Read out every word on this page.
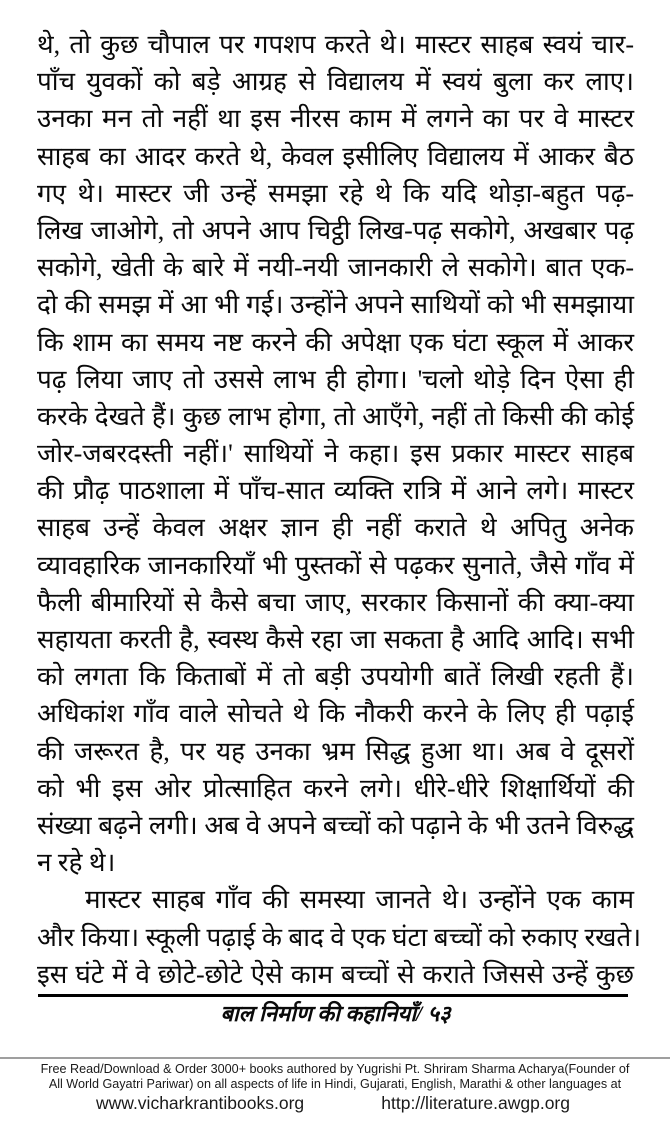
थे, तो कुछ चौपाल पर गपशप करते थे। मास्टर साहब स्वयं चार-
पाँच युवकों को बड़े आग्रह से विद्यालय में स्वयं बुला कर लाए।
उनका मन तो नहीं था इस नीरस काम में लगने का पर वे मास्टर
साहब का आदर करते थे, केवल इसीलिए विद्यालय में आकर बैठ
गए थे। मास्टर जी उन्हें समझा रहे थे कि यदि थोड़ा-बहुत पढ़-
लिख जाओगे, तो अपने आप चिट्ठी लिख-पढ़ सकोगे, अखबार पढ़
सकोगे, खेती के बारे में नयी-नयी जानकारी ले सकोगे। बात एक-
दो की समझ में आ भी गई। उन्होंने अपने साथियों को भी समझाया
कि शाम का समय नष्ट करने की अपेक्षा एक घंटा स्कूल में आकर
पढ़ लिया जाए तो उससे लाभ ही होगा। 'चलो थोड़े दिन ऐसा ही
करके देखते हैं। कुछ लाभ होगा, तो आएँगे, नहीं तो किसी की कोई
जोर-जबरदस्ती नहीं।' साथियों ने कहा। इस प्रकार मास्टर साहब
की प्रौढ़ पाठशाला में पाँच-सात व्यक्ति रात्रि में आने लगे। मास्टर
साहब उन्हें केवल अक्षर ज्ञान ही नहीं कराते थे अपितु अनेक
व्यावहारिक जानकारियाँ भी पुस्तकों से पढ़कर सुनाते, जैसे गाँव में
फैली बीमारियों से कैसे बचा जाए, सरकार किसानों की क्या-क्या
सहायता करती है, स्वस्थ कैसे रहा जा सकता है आदि आदि। सभी
को लगता कि किताबों में तो बड़ी उपयोगी बातें लिखी रहती हैं।
अधिकांश गाँव वाले सोचते थे कि नौकरी करने के लिए ही पढ़ाई
की जरूरत है, पर यह उनका भ्रम सिद्ध हुआ था। अब वे दूसरों
को भी इस ओर प्रोत्साहित करने लगे। धीरे-धीरे शिक्षार्थियों की
संख्या बढ़ने लगी। अब वे अपने बच्चों को पढ़ाने के भी उतने विरुद्ध
न रहे थे।
मास्टर साहब गाँव की समस्या जानते थे। उन्होंने एक काम
और किया। स्कूली पढ़ाई के बाद वे एक घंटा बच्चों को रुकाए रखते।
इस घंटे में वे छोटे-छोटे ऐसे काम बच्चों से कराते जिससे उन्हें कुछ
बाल निर्माण की कहानियाँ/ ५३
Free Read/Download & Order 3000+ books authored by Yugrishi Pt. Shriram Sharma Acharya(Founder of
All World Gayatri Pariwar) on all aspects of life in Hindi, Gujarati, English, Marathi & other languages at
www.vicharkrantibooks.org	http://literature.awgp.org
